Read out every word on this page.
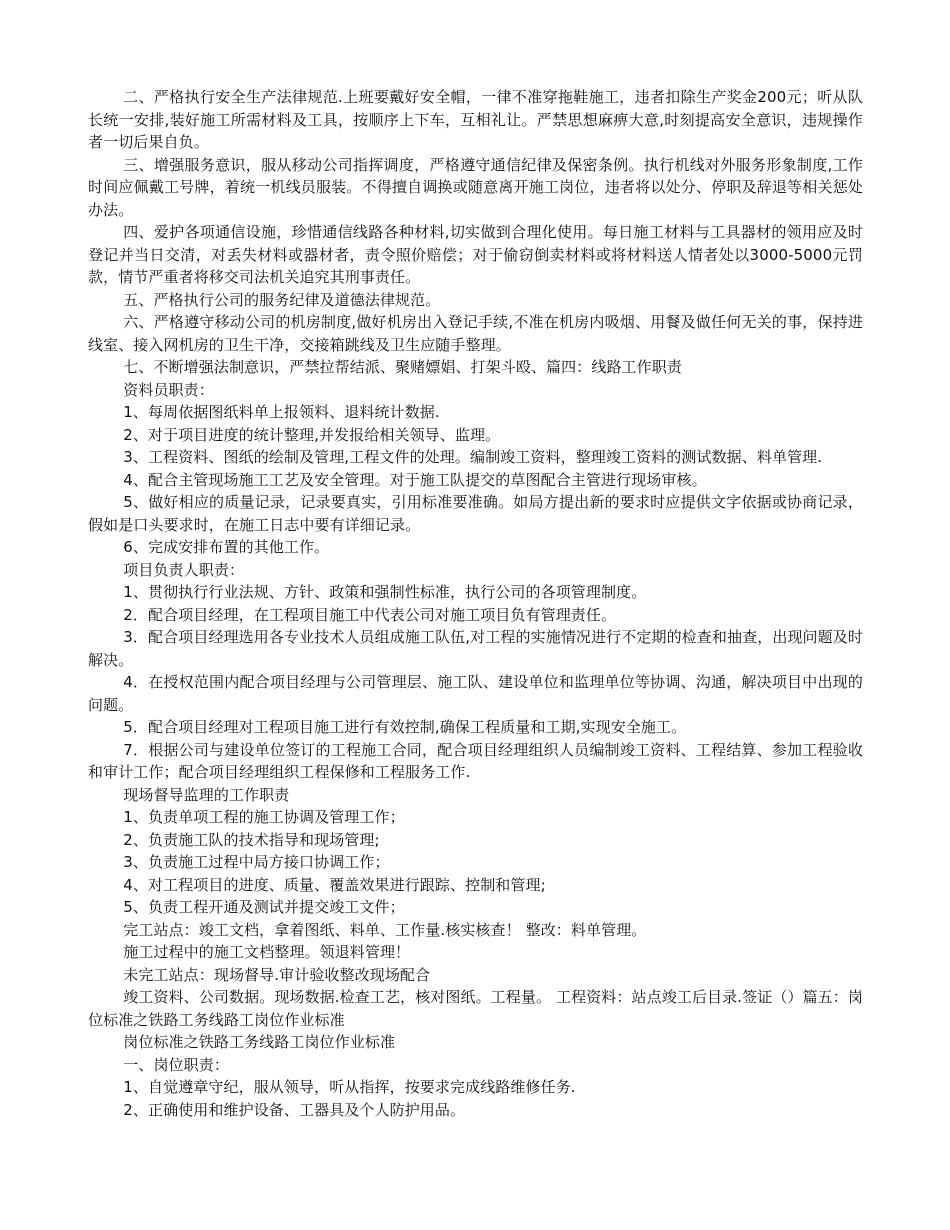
二、严格执行安全生产法律规范.上班要戴好安全帽，一律不准穿拖鞋施工，违者扣除生产奖金200元；听从队长统一安排,装好施工所需材料及工具，按顺序上下车，互相礼让。严禁思想麻痹大意,时刻提高安全意识，违规操作者一切后果自负。

三、增强服务意识，服从移动公司指挥调度，严格遵守通信纪律及保密条例。执行机线对外服务形象制度,工作时间应佩戴工号牌，着统一机线员服装。不得擅自调换或随意离开施工岗位，违者将以处分、停职及辞退等相关惩处办法。

四、爱护各项通信设施，珍惜通信线路各种材料,切实做到合理化使用。每日施工材料与工具器材的领用应及时登记并当日交清，对丢失材料或器材者，责令照价赔偿；对于偷窃倒卖材料或将材料送人情者处以3000-5000元罚款，情节严重者将移交司法机关追究其刑事责任。

五、严格执行公司的服务纪律及道德法律规范。

六、严格遵守移动公司的机房制度,做好机房出入登记手续,不准在机房内吸烟、用餐及做任何无关的事，保持进线室、接入网机房的卫生干净，交接箱跳线及卫生应随手整理。

七、不断增强法制意识，严禁拉帮结派、聚赌嫖娼、打架斗殴、篇四：线路工作职责

资料员职责：

1、每周依据图纸料单上报领料、退料统计数据.

2、对于项目进度的统计整理,并发报给相关领导、监理。

3、工程资料、图纸的绘制及管理,工程文件的处理。编制竣工资料，整理竣工资料的测试数据、料单管理.

4、配合主管现场施工工艺及安全管理。对于施工队提交的草图配合主管进行现场审核。

5、做好相应的质量记录，记录要真实，引用标准要准确。如局方提出新的要求时应提供文字依据或协商记录，假如是口头要求时，在施工日志中要有详细记录。

6、完成安排布置的其他工作。

项目负责人职责：

1、贯彻执行行业法规、方针、政策和强制性标准，执行公司的各项管理制度。

2．配合项目经理，在工程项目施工中代表公司对施工项目负有管理责任。

3．配合项目经理选用各专业技术人员组成施工队伍,对工程的实施情况进行不定期的检查和抽查，出现问题及时解决。

4．在授权范围内配合项目经理与公司管理层、施工队、建设单位和监理单位等协调、沟通，解决项目中出现的问题。

5．配合项目经理对工程项目施工进行有效控制,确保工程质量和工期,实现安全施工。

7．根据公司与建设单位签订的工程施工合同，配合项目经理组织人员编制竣工资料、工程结算、参加工程验收和审计工作；配合项目经理组织工程保修和工程服务工作.

现场督导监理的工作职责

1、负责单项工程的施工协调及管理工作；

2、负责施工队的技术指导和现场管理;

3、负责施工过程中局方接口协调工作；

4、对工程项目的进度、质量、覆盖效果进行跟踪、控制和管理;

5、负责工程开通及测试并提交竣工文件；

完工站点：竣工文档，拿着图纸、料单、工作量.核实核查！ 整改：料单管理。

施工过程中的施工文档整理。领退料管理！

未完工站点：现场督导.审计验收整改现场配合

竣工资料、公司数据。现场数据.检查工艺，核对图纸。工程量。 工程资料：站点竣工后目录.签证（）篇五：岗位标准之铁路工务线路工岗位作业标准

岗位标准之铁路工务线路工岗位作业标准

一、岗位职责：

1、自觉遵章守纪，服从领导，听从指挥，按要求完成线路维修任务.

2、正确使用和维护设备、工器具及个人防护用品。
